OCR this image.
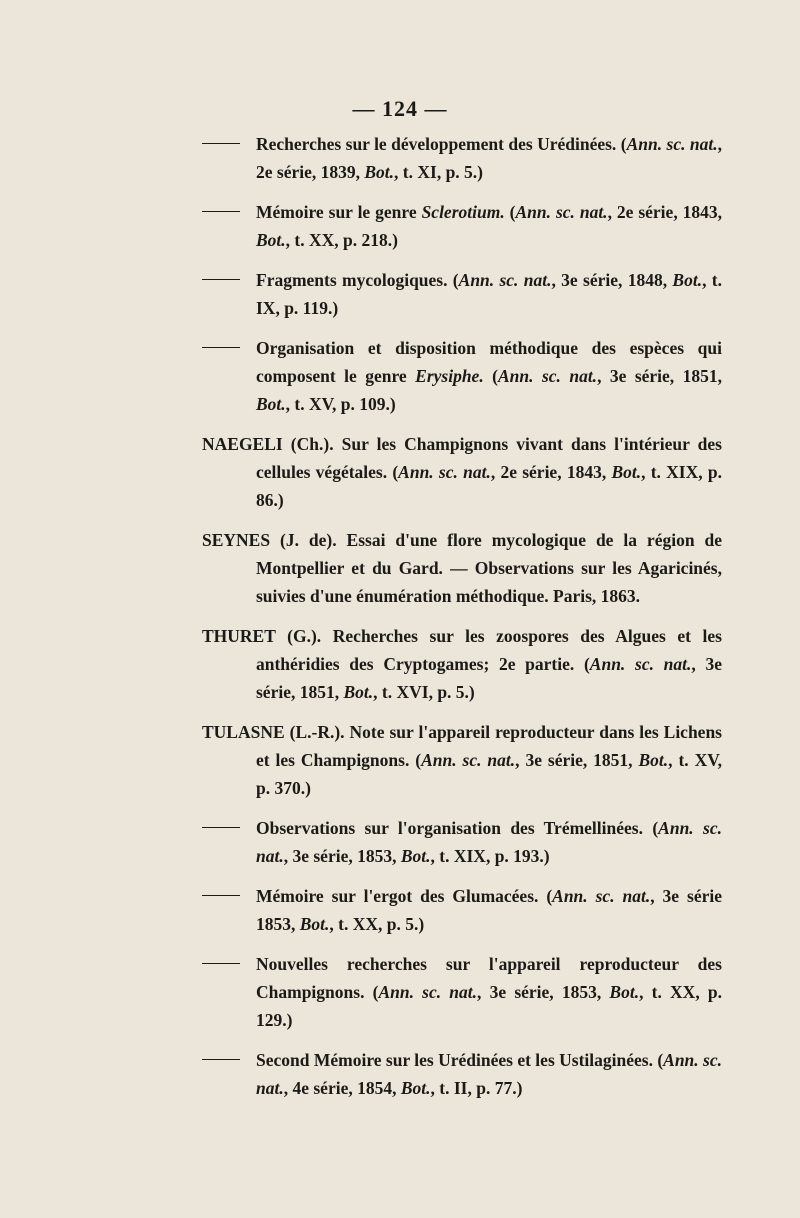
— 124 —
Recherches sur le développement des Urédinées. (Ann. sc. nat., 2e série, 1839, Bot., t. XI, p. 5.)
Mémoire sur le genre Sclerotium. (Ann. sc. nat., 2e série, 1843, Bot., t. XX, p. 218.)
Fragments mycologiques. (Ann. sc. nat., 3e série, 1848, Bot., t. IX, p. 119.)
Organisation et disposition méthodique des espèces qui composent le genre Erysiphe. (Ann. sc. nat., 3e série, 1851, Bot., t. XV, p. 109.)
NAEGELI (Ch.). Sur les Champignons vivant dans l'intérieur des cellules végétales. (Ann. sc. nat., 2e série, 1843, Bot., t. XIX, p. 86.)
SEYNES (J. de). Essai d'une flore mycologique de la région de Montpellier et du Gard. — Observations sur les Agaricinés, suivies d'une énumération méthodique. Paris, 1863.
THURET (G.). Recherches sur les zoospores des Algues et les anthéridies des Cryptogames; 2e partie. (Ann. sc. nat., 3e série, 1851, Bot., t. XVI, p. 5.)
TULASNE (L.-R.). Note sur l'appareil reproducteur dans les Lichens et les Champignons. (Ann. sc. nat., 3e série, 1851, Bot., t. XV, p. 370.)
Observations sur l'organisation des Trémellinées. (Ann. sc. nat., 3e série, 1853, Bot., t. XIX, p. 193.)
Mémoire sur l'ergot des Glumacées. (Ann. sc. nat., 3e série 1853, Bot., t. XX, p. 5.)
Nouvelles recherches sur l'appareil reproducteur des Champignons. (Ann. sc. nat., 3e série, 1853, Bot., t. XX, p. 129.)
Second Mémoire sur les Urédinées et les Ustilaginées. (Ann. sc. nat., 4e série, 1854, Bot., t. II, p. 77.)
